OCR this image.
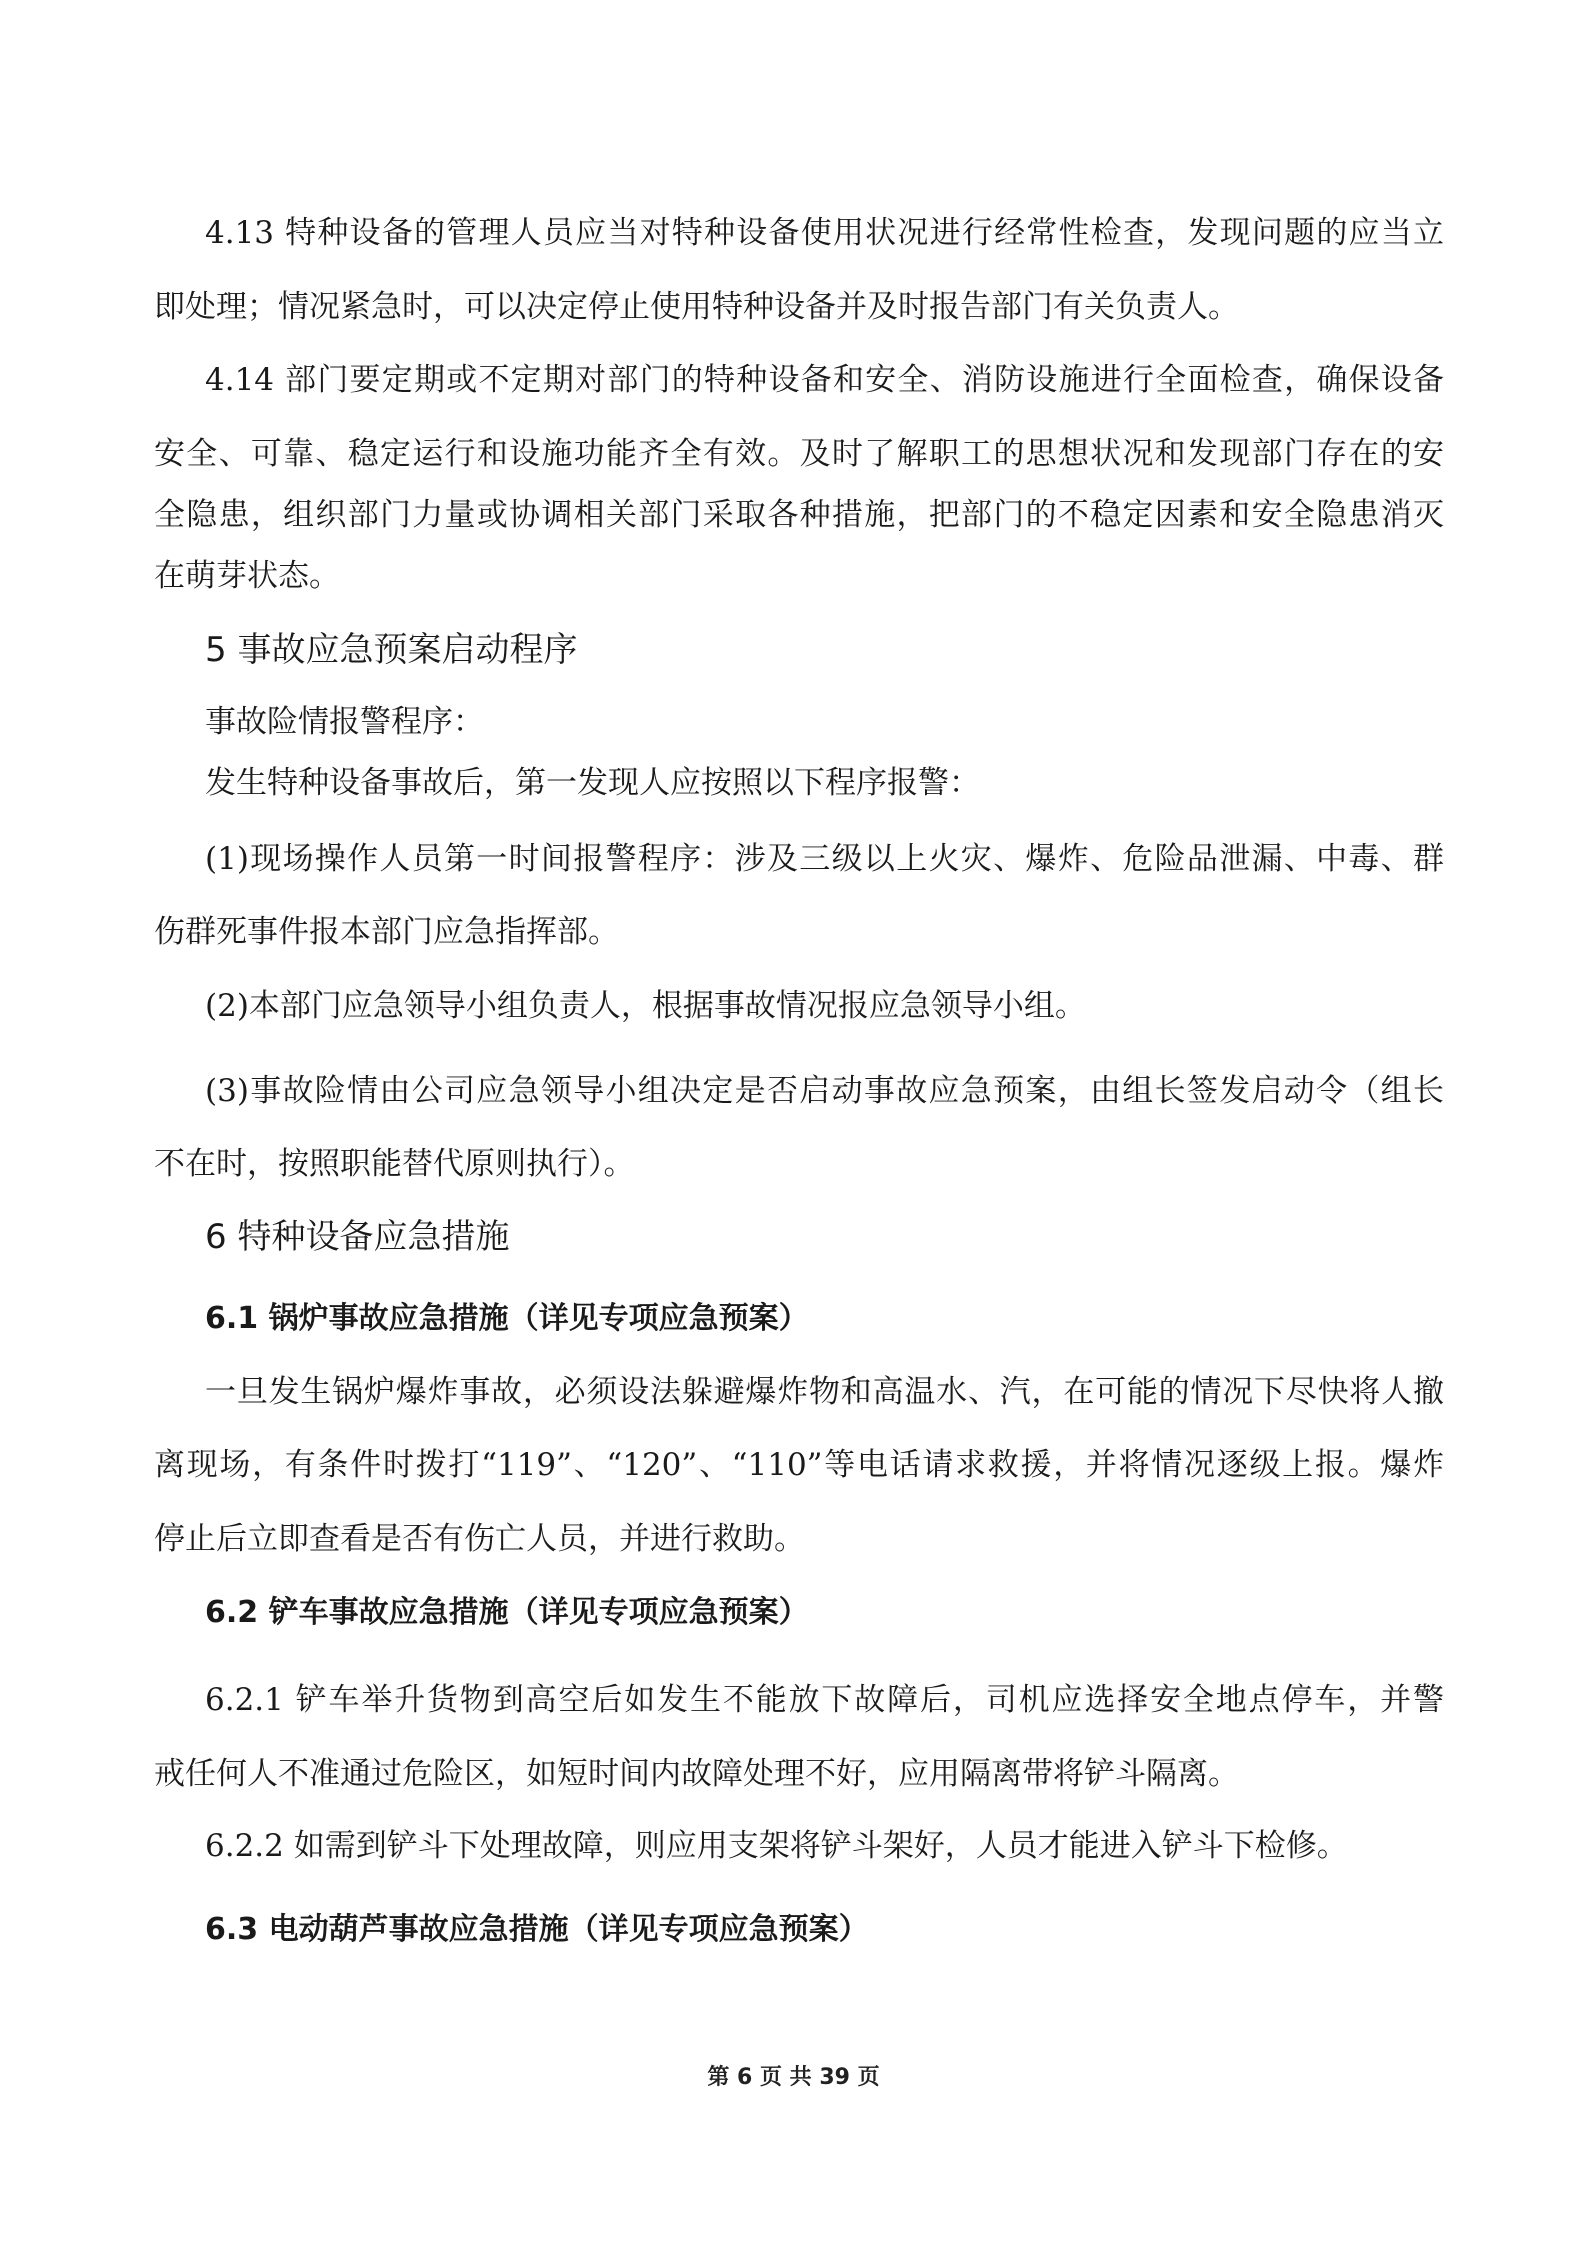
4.13 特种设备的管理人员应当对特种设备使用状况进行经常性检查，发现问题的应当立
即处理；情况紧急时，可以决定停止使用特种设备并及时报告部门有关负责人。
4.14 部门要定期或不定期对部门的特种设备和安全、消防设施进行全面检查，确保设备
安全、可靠、稳定运行和设施功能齐全有效。及时了解职工的思想状况和发现部门存在的安
全隐患，组织部门力量或协调相关部门采取各种措施，把部门的不稳定因素和安全隐患消灭
在萌芽状态。
5 事故应急预案启动程序
事故险情报警程序：
发生特种设备事故后，第一发现人应按照以下程序报警：
(1)现场操作人员第一时间报警程序：涉及三级以上火灾、爆炸、危险品泄漏、中毒、群
伤群死事件报本部门应急指挥部。
(2)本部门应急领导小组负责人，根据事故情况报应急领导小组。
(3)事故险情由公司应急领导小组决定是否启动事故应急预案，由组长签发启动令（组长
不在时，按照职能替代原则执行）。
6 特种设备应急措施
6.1 锅炉事故应急措施（详见专项应急预案）
一旦发生锅炉爆炸事故，必须设法躲避爆炸物和高温水、汽，在可能的情况下尽快将人撤
离现场，有条件时拨打“119”、“120”、“110”等电话请求救援，并将情况逐级上报。爆炸
停止后立即查看是否有伤亡人员，并进行救助。
6.2 铲车事故应急措施（详见专项应急预案）
6.2.1 铲车举升货物到高空后如发生不能放下故障后，司机应选择安全地点停车，并警
戒任何人不准通过危险区，如短时间内故障处理不好，应用隔离带将铲斗隔离。
6.2.2 如需到铲斗下处理故障，则应用支架将铲斗架好，人员才能进入铲斗下检修。
6.3 电动葫芦事故应急措施（详见专项应急预案）
第 6 页 共 39 页
